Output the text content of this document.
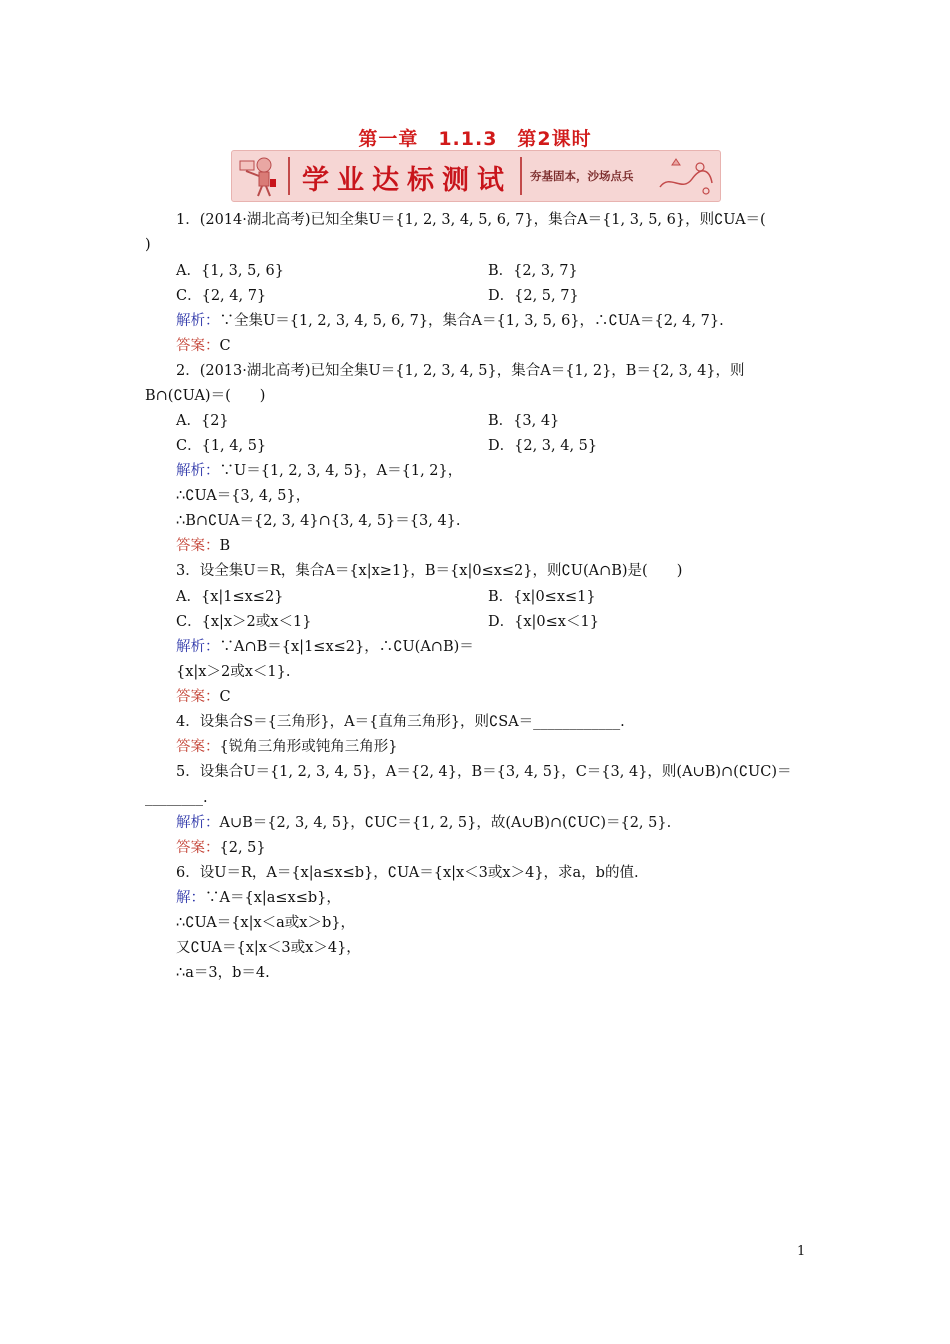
第一章　1.1.3　第2课时
学业达标测试 夯基固本，沙场点兵
1．(2014·湖北高考)已知全集U＝{1, 2, 3, 4, 5, 6, 7}，集合A＝{1, 3, 5, 6}，则∁UA＝(
)
A．{1, 3, 5, 6}	B．{2, 3, 7}
C．{2, 4, 7}	D．{2, 5, 7}
解析：∵全集U＝{1, 2, 3, 4, 5, 6, 7}，集合A＝{1, 3, 5, 6}，∴∁UA＝{2, 4, 7}.
答案：C
2．(2013·湖北高考)已知全集U＝{1, 2, 3, 4, 5}，集合A＝{1, 2}，B＝{2, 3, 4}，则
B∩(∁UA)＝(　　)
A．{2}	B．{3, 4}
C．{1, 4, 5}	D．{2, 3, 4, 5}
解析：∵U＝{1, 2, 3, 4, 5}，A＝{1, 2}，
∴∁UA＝{3, 4, 5}，
∴B∩∁UA＝{2, 3, 4}∩{3, 4, 5}＝{3, 4}.
答案：B
3．设全集U＝R，集合A＝{x|x≥1}，B＝{x|0≤x≤2}，则∁U(A∩B)是(　　)
A．{x|1≤x≤2}	B．{x|0≤x≤1}
C．{x|x＞2或x＜1}	D．{x|0≤x＜1}
解析：∵A∩B＝{x|1≤x≤2}，∴∁U(A∩B)＝
{x|x＞2或x＜1}.
答案：C
4．设集合S＝{三角形}，A＝{直角三角形}，则∁SA＝____________.
答案：{锐角三角形或钝角三角形}
5．设集合U＝{1, 2, 3, 4, 5}，A＝{2, 4}，B＝{3, 4, 5}，C＝{3, 4}，则(A∪B)∩(∁UC)＝
________.
解析：A∪B＝{2, 3, 4, 5}，∁UC＝{1, 2, 5}，故(A∪B)∩(∁UC)＝{2, 5}.
答案：{2, 5}
6．设U＝R，A＝{x|a≤x≤b}，∁UA＝{x|x＜3或x＞4}，求a，b的值.
解：∵A＝{x|a≤x≤b}，
∴∁UA＝{x|x＜a或x＞b}，
又∁UA＝{x|x＜3或x＞4}，
∴a＝3，b＝4.
1
